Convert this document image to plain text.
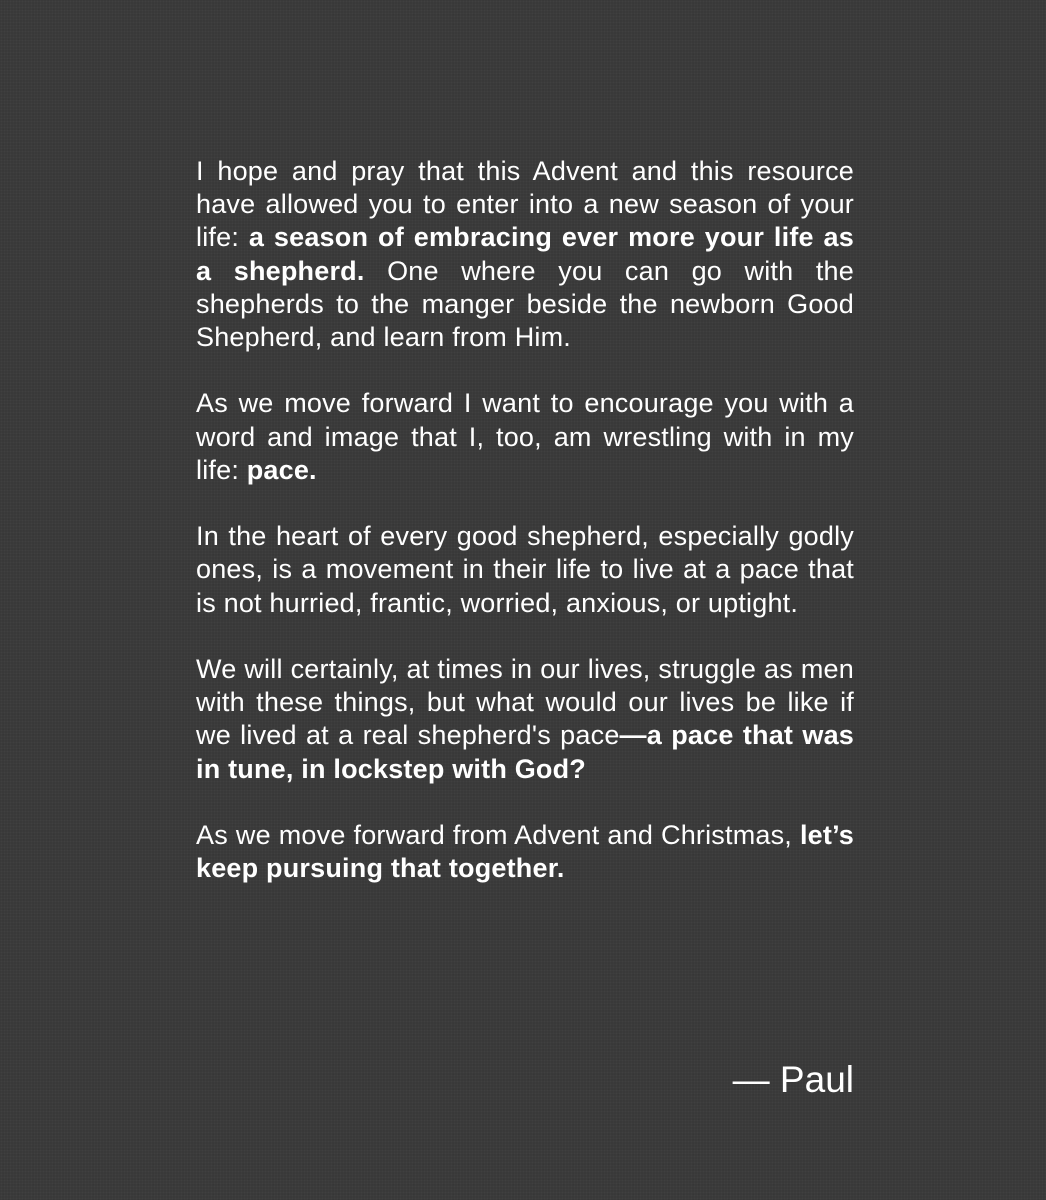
I hope and pray that this Advent and this resource have allowed you to enter into a new season of your life: a season of embracing ever more your life as a shepherd. One where you can go with the shepherds to the manger beside the newborn Good Shepherd, and learn from Him.

As we move forward I want to encourage you with a word and image that I, too, am wrestling with in my life: pace.

In the heart of every good shepherd, especially godly ones, is a movement in their life to live at a pace that is not hurried, frantic, worried, anxious, or uptight.

We will certainly, at times in our lives, struggle as men with these things, but what would our lives be like if we lived at a real shepherd's pace—a pace that was in tune, in lockstep with God?

As we move forward from Advent and Christmas, let’s keep pursuing that together.

— Paul
